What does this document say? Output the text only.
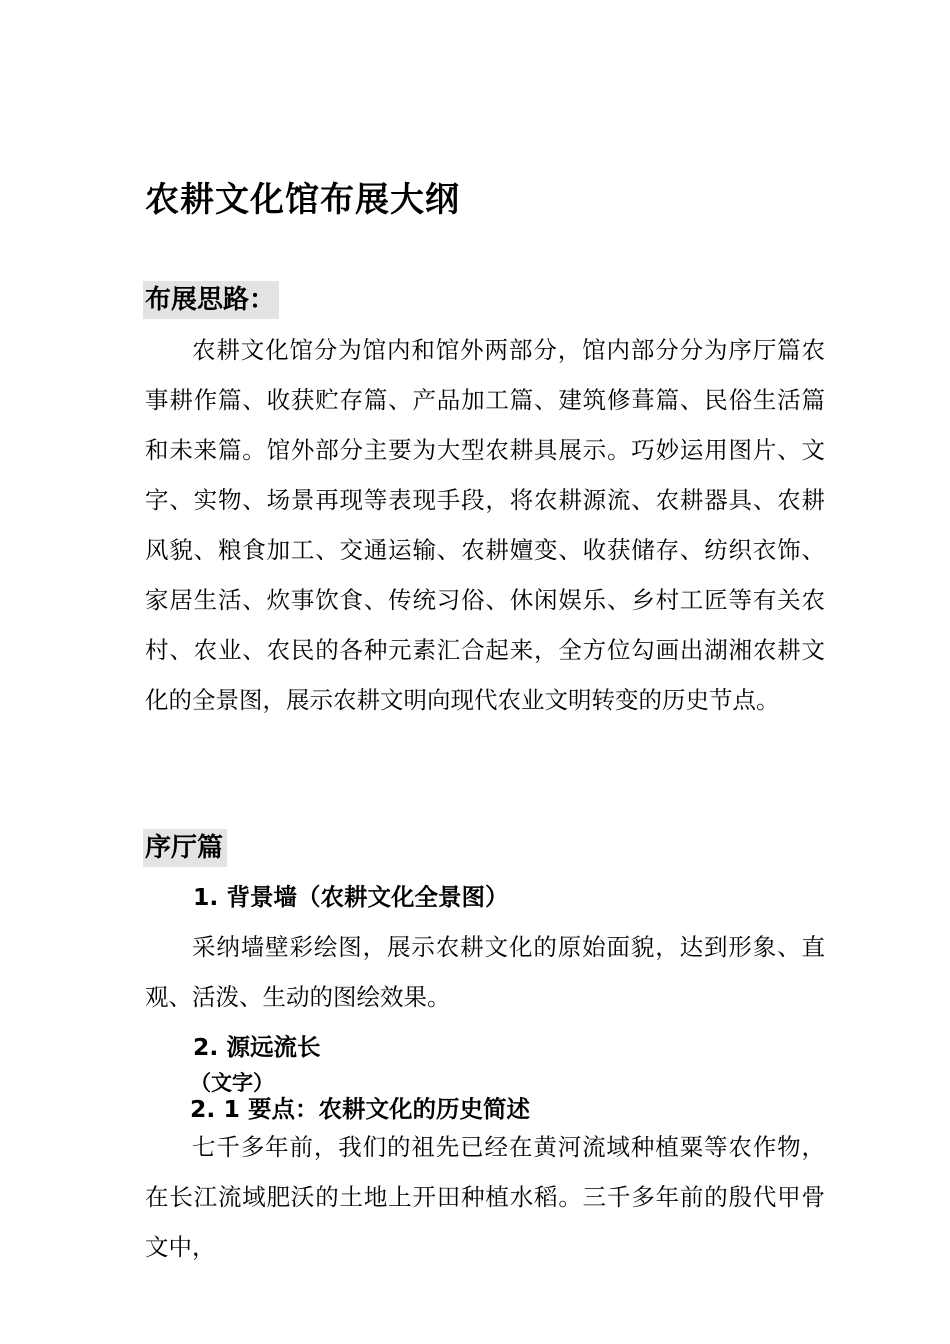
农耕文化馆布展大纲
布展思路：

农耕文化馆分为馆内和馆外两部分，馆内部分分为序厅篇农事耕作篇、收获贮存篇、产品加工篇、建筑修葺篇、民俗生活篇和未来篇。馆外部分主要为大型农耕具展示。巧妙运用图片、文字、实物、场景再现等表现手段，将农耕源流、农耕器具、农耕风貌、粮食加工、交通运输、农耕嬗变、收获储存、纺织衣饰、家居生活、炊事饮食、传统习俗、休闲娱乐、乡村工匠等有关农村、农业、农民的各种元素汇合起来，全方位勾画出湖湘农耕文化的全景图，展示农耕文明向现代农业文明转变的历史节点。

序厅篇
1. 背景墙（农耕文化全景图）

采纳墙壁彩绘图，展示农耕文化的原始面貌，达到形象、直观、活泼、生动的图绘效果。

2. 源远流长
（文字）
2. 1 要点：农耕文化的历史简述

七千多年前，我们的祖先已经在黄河流域种植粟等农作物，在长江流域肥沃的土地上开田种植水稻。三千多年前的殷代甲骨文中，
